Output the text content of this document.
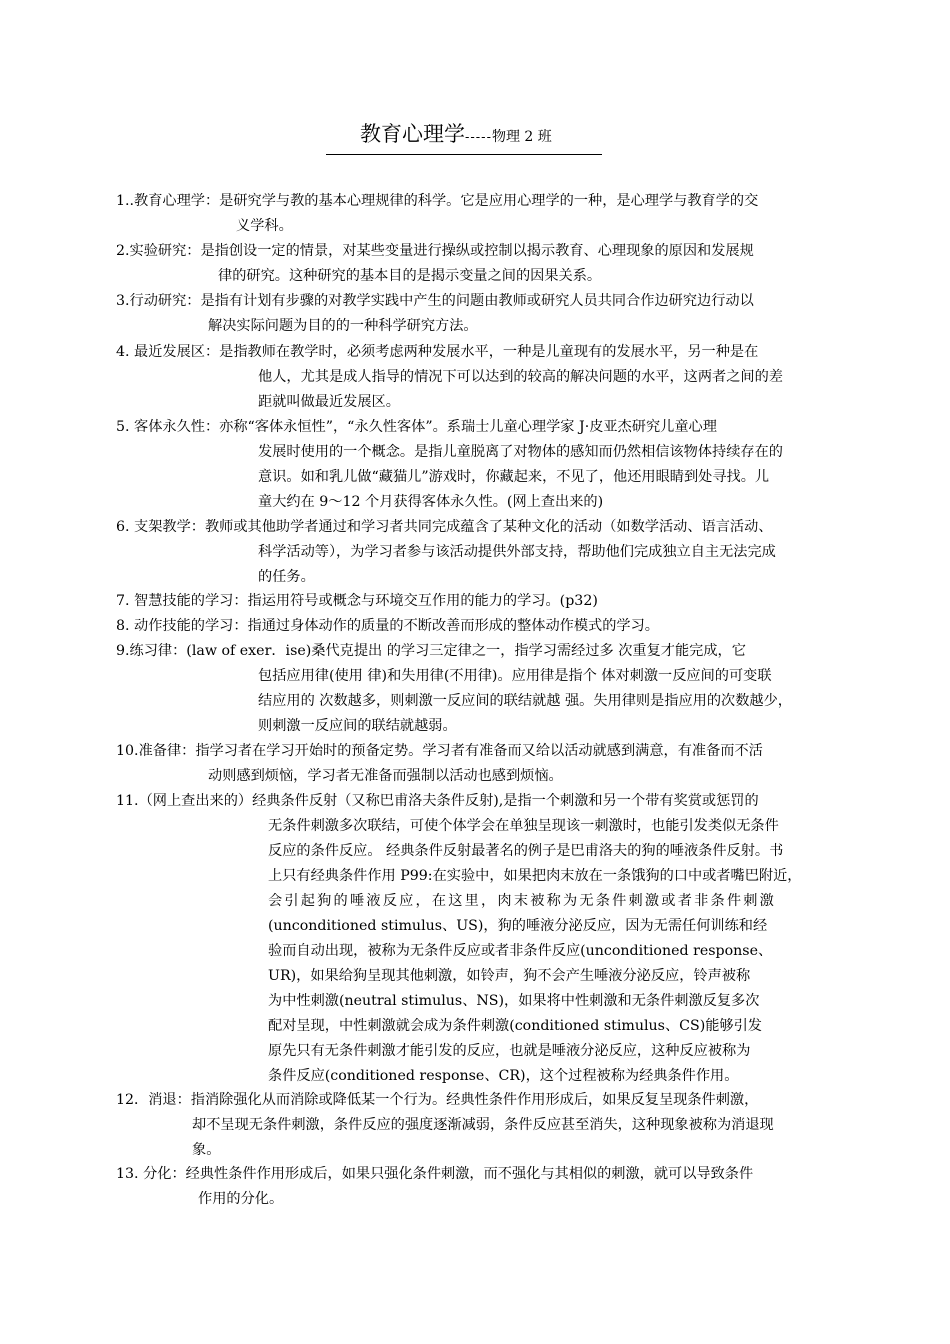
教育心理学-----物理 2 班
1..教育心理学：是研究学与教的基本心理规律的科学。它是应用心理学的一种，是心理学与教育学的交
义学科。
2.实验研究：是指创设一定的情景，对某些变量进行操纵或控制以揭示教育、心理现象的原因和发展规
律的研究。这种研究的基本目的是揭示变量之间的因果关系。
3.行动研究：是指有计划有步骤的对教学实践中产生的问题由教师或研究人员共同合作边研究边行动以
解决实际问题为目的的一种科学研究方法。
4. 最近发展区：是指教师在教学时，必须考虑两种发展水平，一种是儿童现有的发展水平，另一种是在
他人，尤其是成人指导的情况下可以达到的较高的解决问题的水平，这两者之间的差
距就叫做最近发展区。
5. 客体永久性：亦称“客体永恒性”，“永久性客体”。系瑞士儿童心理学家 J·皮亚杰研究儿童心理
发展时使用的一个概念。是指儿童脱离了对物体的感知而仍然相信该物体持续存在的
意识。如和乳儿做“藏猫儿”游戏时，你藏起来，不见了，他还用眼睛到处寻找。儿
童大约在 9～12 个月获得客体永久性。(网上查出来的)
6. 支架教学：教师或其他助学者通过和学习者共同完成蕴含了某种文化的活动（如数学活动、语言活动、
科学活动等），为学习者参与该活动提供外部支持，帮助他们完成独立自主无法完成
的任务。
7. 智慧技能的学习：指运用符号或概念与环境交互作用的能力的学习。(p32)
8. 动作技能的学习：指通过身体动作的质量的不断改善而形成的整体动作模式的学习。
9.练习律：(law of exer．ise)桑代克提出 的学习三定律之一，指学习需经过多 次重复才能完成，它
包括应用律(使用 律)和失用律(不用律)。应用律是指个 体对刺激一反应间的可变联
结应用的 次数越多，则刺激一反应间的联结就越 强。失用律则是指应用的次数越少，
则刺激一反应间的联结就越弱。
10.准备律：指学习者在学习开始时的预备定势。学习者有准备而又给以活动就感到满意，有准备而不活
动则感到烦恼，学习者无准备而强制以活动也感到烦恼。
11.（网上查出来的）经典条件反射（又称巴甫洛夫条件反射),是指一个刺激和另一个带有奖赏或惩罚的
无条件刺激多次联结，可使个体学会在单独呈现该一刺激时，也能引发类似无条件
反应的条件反应。 经典条件反射最著名的例子是巴甫洛夫的狗的唾液条件反射。书
上只有经典条件作用 P99:在实验中，如果把肉末放在一条饿狗的口中或者嘴巴附近，
会引起狗的唾液反应，在这里，肉末被称为无条件刺激或者非条件刺激
(unconditioned stimulus、US)，狗的唾液分泌反应，因为无需任何训练和经
验而自动出现，被称为无条件反应或者非条件反应(unconditioned response、
UR)，如果给狗呈现其他刺激，如铃声，狗不会产生唾液分泌反应，铃声被称
为中性刺激(neutral stimulus、NS)，如果将中性刺激和无条件刺激反复多次
配对呈现，中性刺激就会成为条件刺激(conditioned stimulus、CS)能够引发
原先只有无条件刺激才能引发的反应，也就是唾液分泌反应，这种反应被称为
条件反应(conditioned response、CR)，这个过程被称为经典条件作用。
12．消退：指消除强化从而消除或降低某一个行为。经典性条件作用形成后，如果反复呈现条件刺激，
却不呈现无条件刺激，条件反应的强度逐渐减弱，条件反应甚至消失，这种现象被称为消退现
象。
13. 分化：经典性条件作用形成后，如果只强化条件刺激，而不强化与其相似的刺激，就可以导致条件
作用的分化。
